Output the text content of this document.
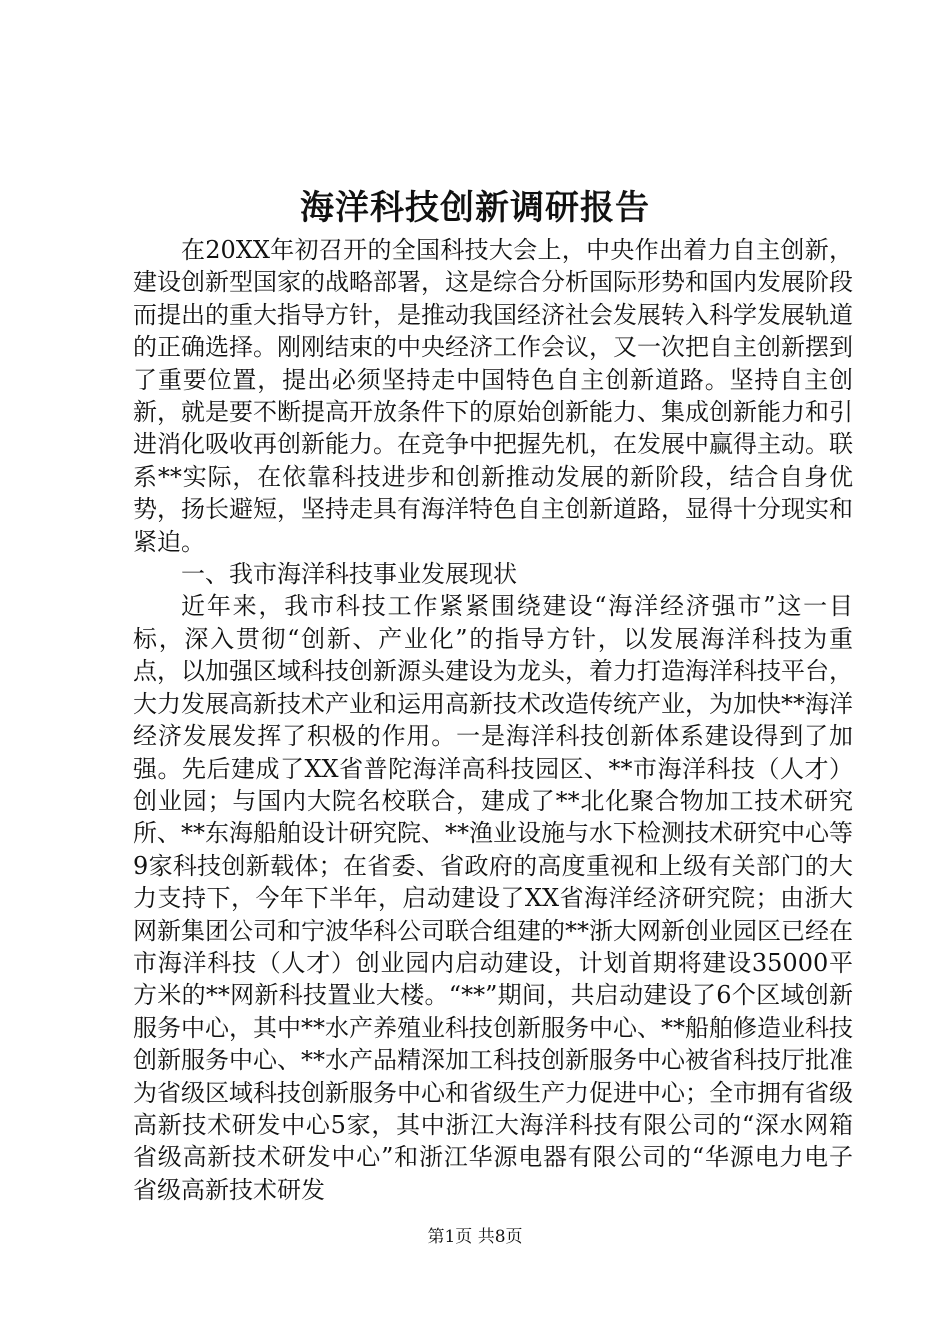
海洋科技创新调研报告

在20XX年初召开的全国科技大会上，中央作出着力自主创新，建设创新型国家的战略部署，这是综合分析国际形势和国内发展阶段而提出的重大指导方针，是推动我国经济社会发展转入科学发展轨道的正确选择。刚刚结束的中央经济工作会议，又一次把自主创新摆到了重要位置，提出必须坚持走中国特色自主创新道路。坚持自主创新，就是要不断提高开放条件下的原始创新能力、集成创新能力和引进消化吸收再创新能力。在竞争中把握先机，在发展中赢得主动。联系**实际，在依靠科技进步和创新推动发展的新阶段，结合自身优势，扬长避短，坚持走具有海洋特色自主创新道路，显得十分现实和紧迫。

一、我市海洋科技事业发展现状

近年来，我市科技工作紧紧围绕建设“海洋经济强市”这一目标，深入贯彻“创新、产业化”的指导方针，以发展海洋科技为重点，以加强区域科技创新源头建设为龙头，着力打造海洋科技平台，大力发展高新技术产业和运用高新技术改造传统产业，为加快**海洋经济发展发挥了积极的作用。一是海洋科技创新体系建设得到了加强。先后建成了XX省普陀海洋高科技园区、**市海洋科技（人才）创业园；与国内大院名校联合，建成了**北化聚合物加工技术研究所、**东海船舶设计研究院、**渔业设施与水下检测技术研究中心等9家科技创新载体；在省委、省政府的高度重视和上级有关部门的大力支持下，今年下半年，启动建设了XX省海洋经济研究院；由浙大网新集团公司和宁波华科公司联合组建的**浙大网新创业园区已经在市海洋科技（人才）创业园内启动建设，计划首期将建设35000平方米的**网新科技置业大楼。“**”期间，共启动建设了6个区域创新服务中心，其中**水产养殖业科技创新服务中心、**船舶修造业科技创新服务中心、**水产品精深加工科技创新服务中心被省科技厅批准为省级区域科技创新服务中心和省级生产力促进中心；全市拥有省级高新技术研发中心5家，其中浙江大海洋科技有限公司的“深水网箱省级高新技术研发中心”和浙江华源电器有限公司的“华源电力电子省级高新技术研发

第1页 共8页
